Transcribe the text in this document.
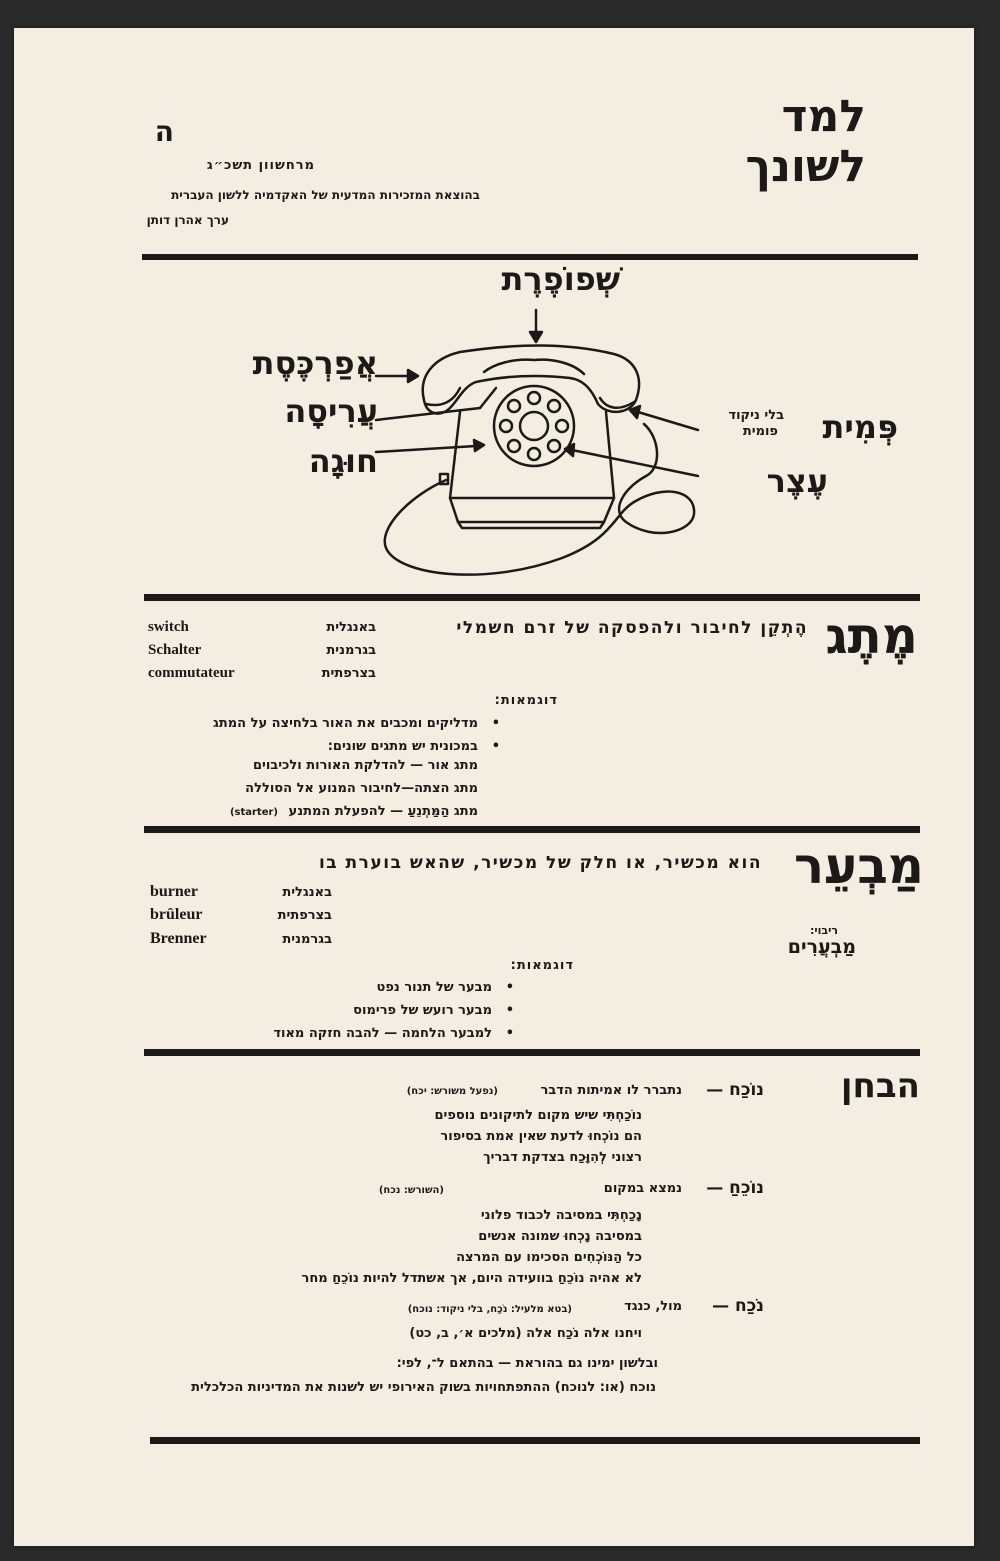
למד
לשונך
ה
מרחשוון תשכ״ג
בהוצאת המזכירות המדעית של האקדמיה ללשון העברית
ערך אהרן דותן
שְׁפוֹפֶרֶת
אֲפַרְכֶּסֶת
עֲרִיסָה
חוּגָה
פְּמִית
בלי ניקוד
פומית
עֶצֶר
מֶתֶג
הֶתְקֵן לחיבור ולהפסקה של זרם חשמלי
באנגלית
switch
בגרמנית
Schalter
בצרפתית
commutateur
דוגמאות:
• מדליקים ומכבים את האור בלחיצה על המתג
• במכונית יש מתגים שונים:
מתג אור — להדלקת האורות ולכיבוים
מתג הצתה—לחיבור המנוע אל הסוללה
מתג הַמַּתְנֵעַ — להפעלת המתנע (starter)
מַבְעֵר
ריבוי:
מַבְעֲרִים
הוא מכשיר, או חלק של מכשיר, שהאש בוערת בו
באנגלית
burner
בצרפתית
brûleur
בגרמנית
Brenner
דוגמאות:
• מבער של תנור נפט
• מבער רועש של פרימוס
• למבער הלחמה — להבה חזקה מאוד
הבחן
נוֹכַח —
נתברר לו אמיתות הדבר
(נפעל משורש: יכח)
נוֹכַחְתִּי שיש מקום לתיקונים נוספים
הם נוֹכְחוּ לדעת שאין אמת בסיפור
רצוני לְהִוָּכַח בצדקת דבריך
נוֹכֵחַ —
נמצא במקום
(השורש: נכח)
נָכַחְתִּי במסיבה לכבוד פלוני
במסיבה נָכְחוּ שמונה אנשים
כל הַנּוֹכְחִים הסכימו עם המרצה
לא אהיה נוֹכֵחַ בוועידה היום, אך אשתדל להיות נוֹכֵחַ מחר
נֹכַח —
מול, כנגד
(בטא מלעיל: נֹכַח, בלי ניקוד: נוכח)
ויחנו אלה נֹכַח אלה (מלכים א׳, ב, כט)
ובלשון ימינו גם בהוראת — בהתאם ל־, לפי:
נוכח (או: לנוכח) ההתפתחויות בשוק האירופי יש לשנות את המדיניות הכלכלית
